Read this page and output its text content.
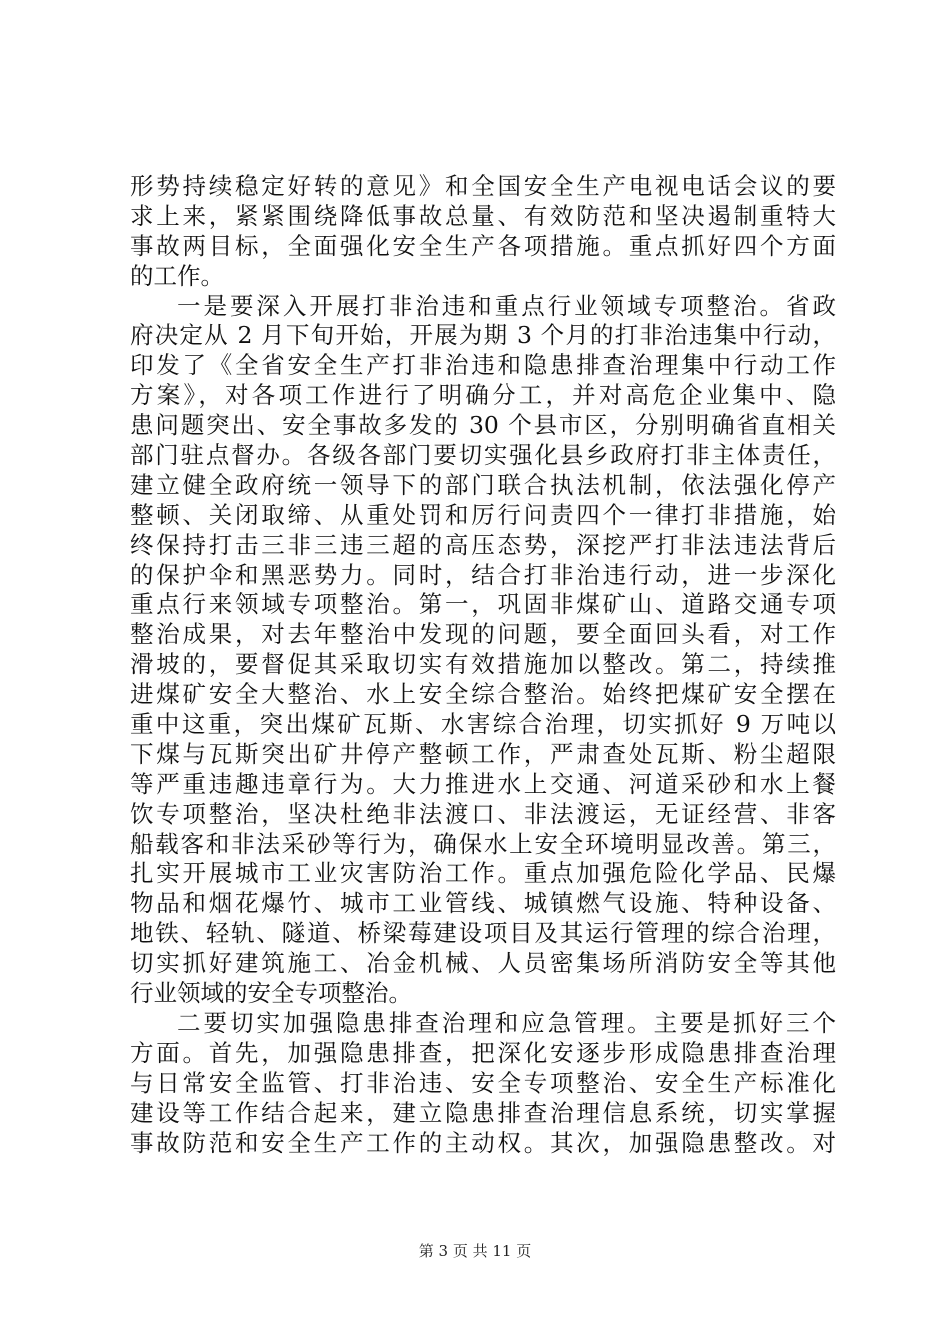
形势持续稳定好转的意见》和全国安全生产电视电话会议的要
求上来，紧紧围绕降低事故总量、有效防范和坚决遏制重特大
事故两目标，全面强化安全生产各项措施。重点抓好四个方面
的工作。
一是要深入开展打非治违和重点行业领域专项整治。省政
府决定从 2 月下旬开始，开展为期 3 个月的打非治违集中行动，
印发了《全省安全生产打非治违和隐患排查治理集中行动工作
方案》，对各项工作进行了明确分工，并对高危企业集中、隐
患问题突出、安全事故多发的 30 个县市区，分别明确省直相关
部门驻点督办。各级各部门要切实强化县乡政府打非主体责任，
建立健全政府统一领导下的部门联合执法机制，依法强化停产
整顿、关闭取缔、从重处罚和厉行问责四个一律打非措施，始
终保持打击三非三违三超的高压态势，深挖严打非法违法背后
的保护伞和黑恶势力。同时，结合打非治违行动，进一步深化
重点行来领域专项整治。第一，巩固非煤矿山、道路交通专项
整治成果，对去年整治中发现的问题，要全面回头看，对工作
滑坡的，要督促其采取切实有效措施加以整改。第二，持续推
进煤矿安全大整治、水上安全综合整治。始终把煤矿安全摆在
重中这重，突出煤矿瓦斯、水害综合治理，切实抓好 9 万吨以
下煤与瓦斯突出矿井停产整顿工作，严肃查处瓦斯、粉尘超限
等严重违趣违章行为。大力推进水上交通、河道采砂和水上餐
饮专项整治，坚决杜绝非法渡口、非法渡运，无证经营、非客
船载客和非法采砂等行为，确保水上安全环境明显改善。第三，
扎实开展城市工业灾害防治工作。重点加强危险化学品、民爆
物品和烟花爆竹、城市工业管线、城镇燃气设施、特种设备、
地铁、轻轨、隧道、桥梁莓建设项目及其运行管理的综合治理，
切实抓好建筑施工、冶金机械、人员密集场所消防安全等其他
行业领域的安全专项整治。
二要切实加强隐患排查治理和应急管理。主要是抓好三个
方面。首先，加强隐患排查，把深化安逐步形成隐患排查治理
与日常安全监管、打非治违、安全专项整治、安全生产标准化
建设等工作结合起来，建立隐患排查治理信息系统，切实掌握
事故防范和安全生产工作的主动权。其次，加强隐患整改。对
第 3 页 共 11 页
